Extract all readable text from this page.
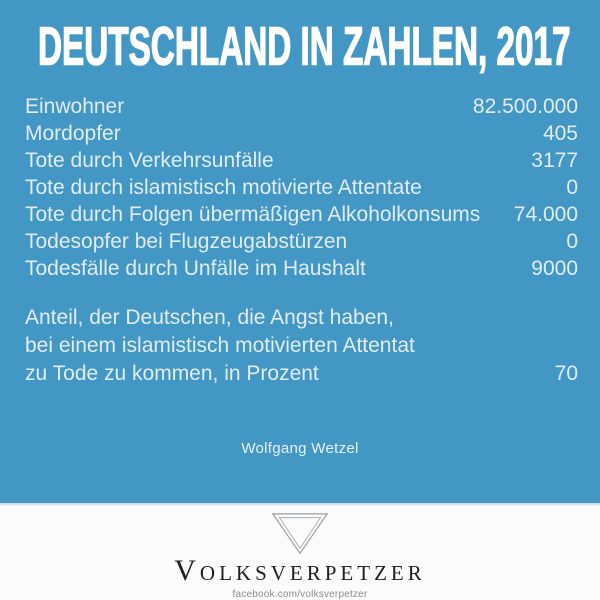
DEUTSCHLAND IN ZAHLEN, 2017
Einwohner	82.500.000
Mordopfer	405
Tote durch Verkehrsunfälle	3177
Tote durch islamistisch motivierte Attentate	0
Tote durch Folgen übermäßigen Alkoholkonsums 74.000
Todesopfer bei Flugzeugabstürzen	0
Todesfälle durch Unfälle im Haushalt	9000
Anteil, der Deutschen, die Angst haben,
bei einem islamistisch motivierten Attentat
zu Tode zu kommen, in Prozent	70
Wolfgang Wetzel
VOLKSVERPETZER
facebook.com/volksverpetzer
